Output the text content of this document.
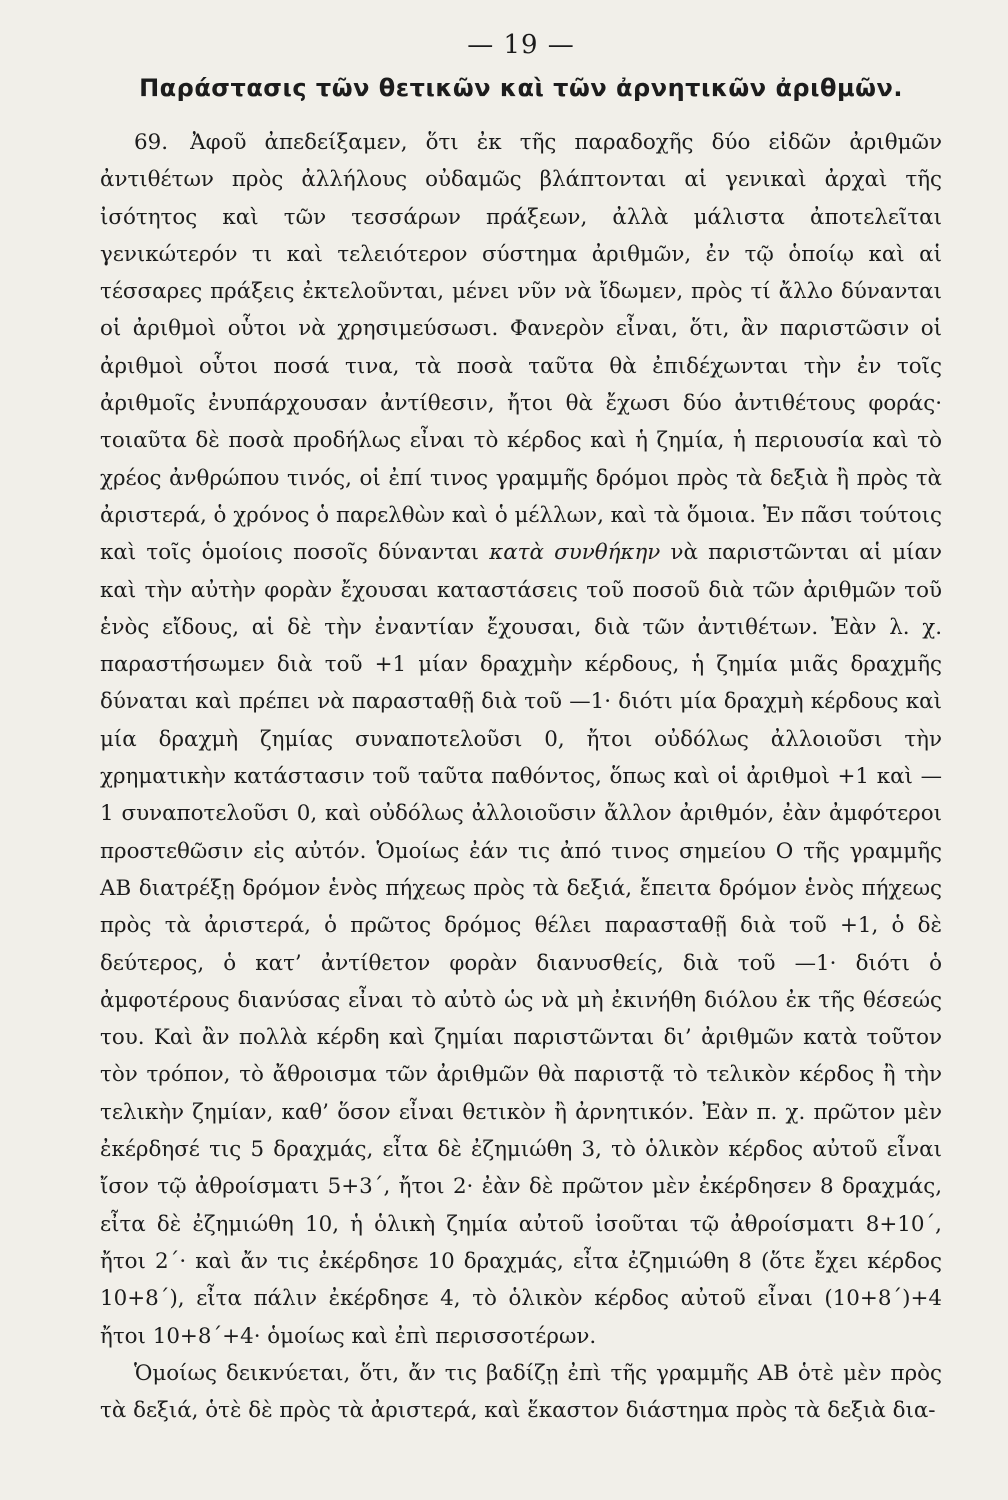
— 19 —
Παράστασις τῶν θετικῶν καὶ τῶν ἀρνητικῶν ἀριθμῶν.

69. Ἀφοῦ ἀπεδείξαμεν, ὅτι ἐκ τῆς παραδοχῆς δύο εἰδῶν ἀριθμῶν ἀντιθέτων πρὸς ἀλλήλους οὐδαμῶς βλάπτονται αἱ γενικαὶ ἀρχαὶ τῆς ἰσότητος καὶ τῶν τεσσάρων πράξεων, ἀλλὰ μάλιστα ἀποτελεῖται γενικώτερόν τι καὶ τελειότερον σύστημα ἀριθμῶν, ἐν τῷ ὁποίῳ καὶ αἱ τέσσαρες πράξεις ἐκτελοῦνται, μένει νῦν νὰ ἴδωμεν, πρὸς τί ἄλλο δύνανται οἱ ἀριθμοὶ οὗτοι νὰ χρησιμεύσωσι. Φανερὸν εἶναι, ὅτι, ἂν παριστῶσιν οἱ ἀριθμοὶ οὗτοι ποσά τινα, τὰ ποσὰ ταῦτα θὰ ἐπιδέχωνται τὴν ἐν τοῖς ἀριθμοῖς ἐνυπάρχουσαν ἀντίθεσιν, ἤτοι θὰ ἔχωσι δύο ἀντιθέτους φοράς· τοιαῦτα δὲ ποσὰ προδήλως εἶναι τὸ κέρδος καὶ ἡ ζημία, ἡ περιουσία καὶ τὸ χρέος ἀνθρώπου τινός, οἱ ἐπί τινος γραμμῆς δρόμοι πρὸς τὰ δεξιὰ ἢ πρὸς τὰ ἀριστερά, ὁ χρόνος ὁ παρελθὼν καὶ ὁ μέλλων, καὶ τὰ ὅμοια. Ἐν πᾶσι τούτοις καὶ τοῖς ὁμοίοις ποσοῖς δύνανται κατὰ συνθήκην νὰ παριστῶνται αἱ μίαν καὶ τὴν αὐτὴν φορὰν ἔχουσαι καταστάσεις τοῦ ποσοῦ διὰ τῶν ἀριθμῶν τοῦ ἑνὸς εἴδους, αἱ δὲ τὴν ἐναντίαν ἔχουσαι, διὰ τῶν ἀντιθέτων. Ἐὰν λ. χ. παραστήσωμεν διὰ τοῦ +1 μίαν δραχμὴν κέρδους, ἡ ζημία μιᾶς δραχμῆς δύναται καὶ πρέπει νὰ παρασταθῇ διὰ τοῦ —1· διότι μία δραχμὴ κέρδους καὶ μία δραχμὴ ζημίας συναποτελοῦσι 0, ἤτοι οὐδόλως ἀλλοιοῦσι τὴν χρηματικὴν κατάστασιν τοῦ ταῦτα παθόντος, ὅπως καὶ οἱ ἀριθμοὶ +1 καὶ —1 συναποτελοῦσι 0, καὶ οὐδόλως ἀλλοιοῦσιν ἄλλον ἀριθμόν, ἐὰν ἀμφότεροι προστεθῶσιν εἰς αὐτόν. Ὁμοίως ἐάν τις ἀπό τινος σημείου Ο τῆς γραμμῆς ΑΒ διατρέξῃ δρόμον ἑνὸς πήχεως πρὸς τὰ δεξιά, ἔπειτα δρόμον ἑνὸς πήχεως πρὸς τὰ ἀριστερά, ὁ πρῶτος δρόμος θέλει παρασταθῇ διὰ τοῦ +1, ὁ δὲ δεύτερος, ὁ κατ’ ἀντίθετον φορὰν διανυσθείς, διὰ τοῦ —1· διότι ὁ ἀμφοτέρους διανύσας εἶναι τὸ αὐτὸ ὡς νὰ μὴ ἐκινήθη διόλου ἐκ τῆς θέσεώς του. Καὶ ἂν πολλὰ κέρδη καὶ ζημίαι παριστῶνται δι’ ἀριθμῶν κατὰ τοῦτον τὸν τρόπον, τὸ ἄθροισμα τῶν ἀριθμῶν θὰ παριστᾷ τὸ τελικὸν κέρδος ἢ τὴν τελικὴν ζημίαν, καθ’ ὅσον εἶναι θετικὸν ἢ ἀρνητικόν. Ἐὰν π. χ. πρῶτον μὲν ἐκέρδησέ τις 5 δραχμάς, εἶτα δὲ ἐζημιώθη 3, τὸ ὁλικὸν κέρδος αὐτοῦ εἶναι ἴσον τῷ ἀθροίσματι 5+3΄, ἤτοι 2· ἐὰν δὲ πρῶτον μὲν ἐκέρδησεν 8 δραχμάς, εἶτα δὲ ἐζημιώθη 10, ἡ ὁλικὴ ζημία αὐτοῦ ἰσοῦται τῷ ἀθροίσματι 8+10΄, ἤτοι 2΄· καὶ ἄν τις ἐκέρδησε 10 δραχμάς, εἶτα ἐζημιώθη 8 (ὅτε ἔχει κέρδος 10+8΄), εἶτα πάλιν ἐκέρδησε 4, τὸ ὁλικὸν κέρδος αὐτοῦ εἶναι (10+8΄)+4 ἤτοι 10+8΄+4· ὁμοίως καὶ ἐπὶ περισσοτέρων.

Ὁμοίως δεικνύεται, ὅτι, ἄν τις βαδίζῃ ἐπὶ τῆς γραμμῆς ΑΒ ὁτὲ μὲν πρὸς τὰ δεξιά, ὁτὲ δὲ πρὸς τὰ ἀριστερά, καὶ ἕκαστον διάστημα πρὸς τὰ δεξιὰ δια-
